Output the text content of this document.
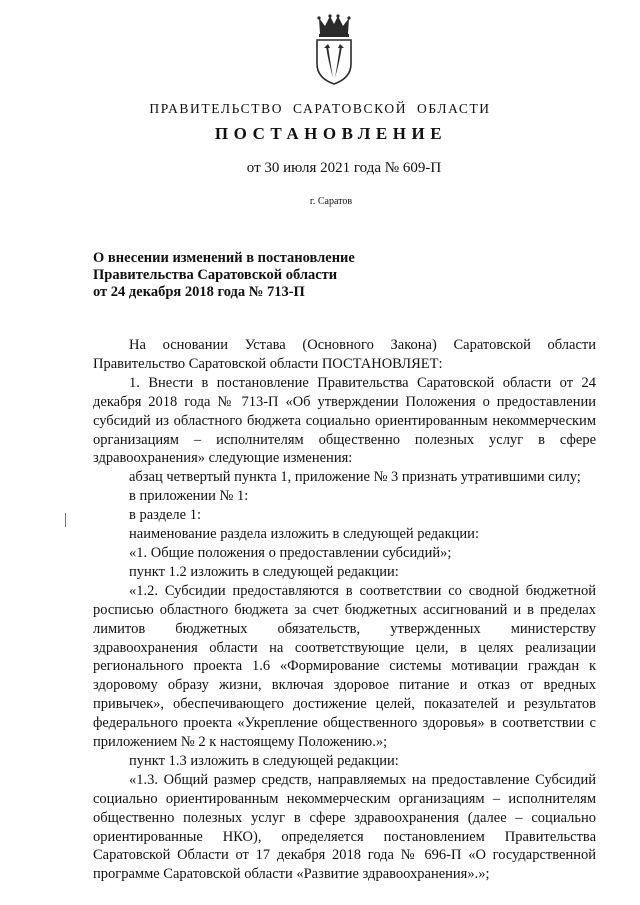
ПРАВИТЕЛЬСТВО САРАТОВСКОЙ ОБЛАСТИ
ПОСТАНОВЛЕНИЕ
от 30 июля 2021 года № 609-П
г. Саратов
О внесении изменений в постановление
Правительства Саратовской области
от 24 декабря 2018 года № 713-П

На основании Устава (Основного Закона) Саратовской области Правительство Саратовской области ПОСТАНОВЛЯЕТ:

1. Внести в постановление Правительства Саратовской области от 24 декабря 2018 года № 713-П «Об утверждении Положения о предоставлении субсидий из областного бюджета социально ориентированным некоммерческим организациям – исполнителям общественно полезных услуг в сфере здравоохранения» следующие изменения:

абзац четвертый пункта 1, приложение № 3 признать утратившими силу;

в приложении № 1:

в разделе 1:

наименование раздела изложить в следующей редакции:

«1. Общие положения о предоставлении субсидий»;

пункт 1.2 изложить в следующей редакции:

«1.2. Субсидии предоставляются в соответствии со сводной бюджетной росписью областного бюджета за счет бюджетных ассигнований и в пределах лимитов бюджетных обязательств, утвержденных министерству здравоохранения области на соответствующие цели, в целях реализации регионального проекта 1.6 «Формирование системы мотивации граждан к здоровому образу жизни, включая здоровое питание и отказ от вредных привычек», обеспечивающего достижение целей, показателей и результатов федерального проекта «Укрепление общественного здоровья» в соответствии с приложением № 2 к настоящему Положению.»;

пункт 1.3 изложить в следующей редакции:

«1.3. Общий размер средств, направляемых на предоставление Субсидий социально ориентированным некоммерческим организациям – исполнителям общественно полезных услуг в сфере здравоохранения (далее – социально ориентированные НКО), определяется постановлением Правительства Саратовской Области от 17 декабря 2018 года № 696-П «О государственной программе Саратовской области «Развитие здравоохранения».»;
